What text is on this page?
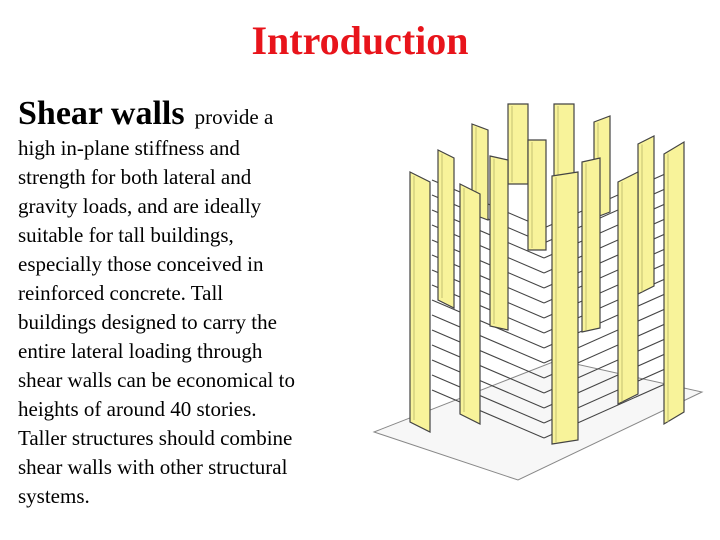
Introduction
Shear walls provide a

high in-plane stiffness and
strength for both lateral and
gravity loads, and are ideally
suitable for tall buildings,
especially those conceived in
reinforced concrete. Tall
buildings designed to carry the
entire lateral loading through
shear walls can be economical to
heights of around 40 stories.
Taller structures should combine
shear walls with other structural
systems.
